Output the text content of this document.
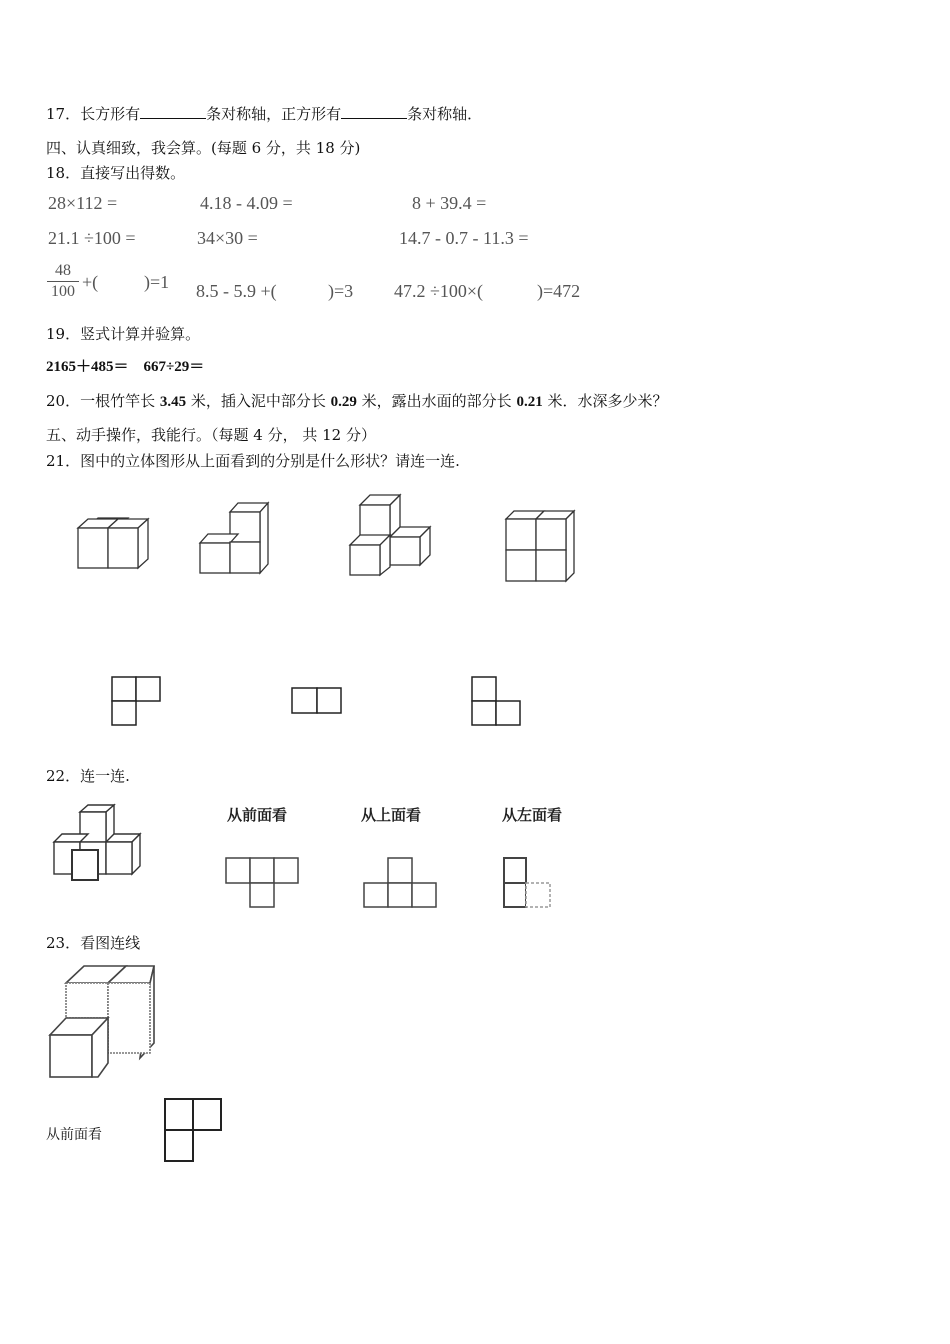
17．长方形有	条对称轴，正方形有	条对称轴．
四、认真细致，我会算。(每题 6 分，共 18 分)
18．直接写出得数。
28×112 =	4.18 - 4.09 =	8 + 39.4 =
21.1 ÷100 =	34×30 =	14.7 - 0.7 - 11.3 =
48
100 +(	)=1 8.5 - 5.9 +(	)=3 47.2 ÷100×(	)=472
19．竖式计算并验算。
2165＋485＝　667÷29＝
20．一根竹竿长 3.45 米，插入泥中部分长 0.29 米，露出水面的部分长 0.21 米．水深多少米？
五、动手操作，我能行。（每题 4 分， 共 12 分）
21．图中的立体图形从上面看到的分别是什么形状？请连一连.
22．连一连.
从前面看	从上面看	从左面看
23．看图连线
从前面看
